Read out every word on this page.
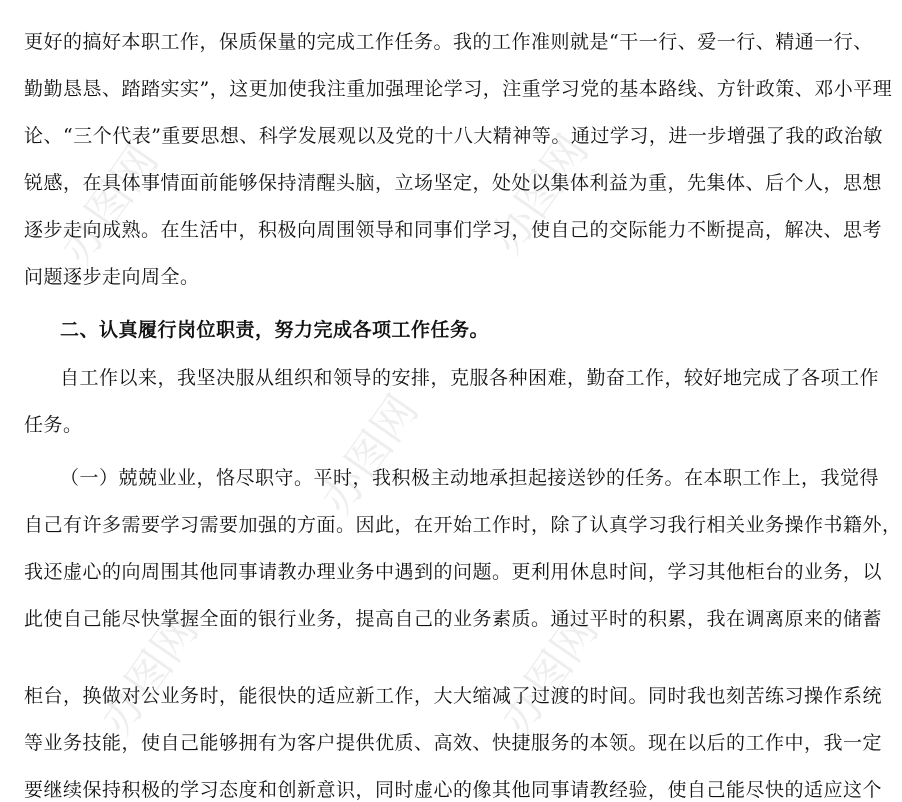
办图网	办图网
办图网
办图网	办图网
更好的搞好本职工作，保质保量的完成工作任务。我的工作准则就是“干一行、爱一行、精通一行、
勤勤恳恳、踏踏实实”，这更加使我注重加强理论学习，注重学习党的基本路线、方针政策、邓小平理
论、“三个代表”重要思想、科学发展观以及党的十八大精神等。通过学习，进一步增强了我的政治敏
锐感，在具体事情面前能够保持清醒头脑，立场坚定，处处以集体利益为重，先集体、后个人，思想
逐步走向成熟。在生活中，积极向周围领导和同事们学习，使自己的交际能力不断提高，解决、思考
问题逐步走向周全。
二、认真履行岗位职责，努力完成各项工作任务。
自工作以来，我坚决服从组织和领导的安排，克服各种困难，勤奋工作，较好地完成了各项工作
任务。
（一）兢兢业业，恪尽职守。平时，我积极主动地承担起接送钞的任务。在本职工作上，我觉得
自己有许多需要学习需要加强的方面。因此，在开始工作时，除了认真学习我行相关业务操作书籍外，
我还虚心的向周围其他同事请教办理业务中遇到的问题。更利用休息时间，学习其他柜台的业务，以
此使自己能尽快掌握全面的银行业务，提高自己的业务素质。通过平时的积累，我在调离原来的储蓄
柜台，换做对公业务时，能很快的适应新工作，大大缩减了过渡的时间。同时我也刻苦练习操作系统
等业务技能，使自己能够拥有为客户提供优质、高效、快捷服务的本领。现在以后的工作中，我一定
要继续保持积极的学习态度和创新意识，同时虚心的像其他同事请教经验，使自己能尽快的适应这个
